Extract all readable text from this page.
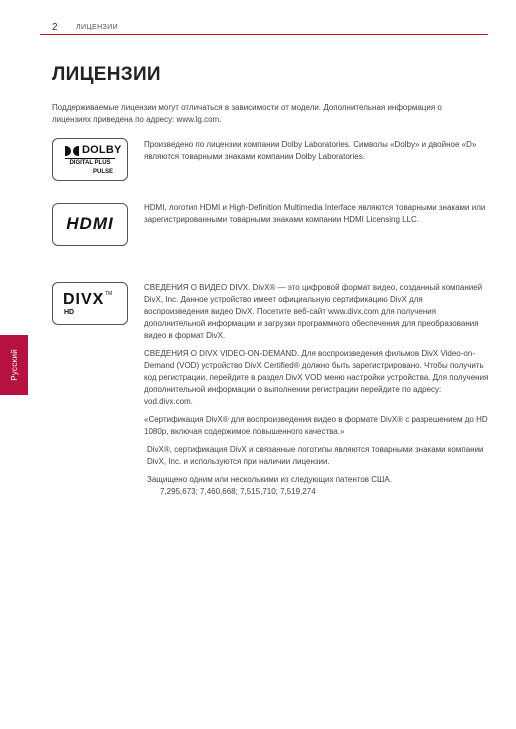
2	ЛИЦЕНЗИИ
ЛИЦЕНЗИИ
Поддерживаемые лицензии могут отличаться в зависимости от модели. Дополнительная информация о лицензиях приведена по адресу: www.lg.com.
Русский
DOLBY
DIGITAL PLUS
PULSE
Произведено по лицензии компании Dolby Laboratories. Символы «Dolby» и двойное «D» являются товарными знаками компании Dolby Laboratories.
HDMI
HDMI, логотип HDMI и High-Definition Multimedia Interface являются товарными знаками или зарегистрированными товарными знаками компании HDMI Licensing LLC.
DIVX TM
HD

СВЕДЕНИЯ О ВИДЕО DIVX. DivX® — это цифровой формат видео, созданный компанией DivX, Inc. Данное устройство имеет официальную сертификацию DivX для воспроизведения видео DivX. Посетите веб-сайт www.divx.com для получения дополнительной информации и загрузки программного обеспечения для преобразования видео в формат DivX.

СВЕДЕНИЯ О DIVX VIDEO-ON-DEMAND. Для воспроизведения фильмов DivX Video-on-Demand (VOD) устройство DivX Certified® должно быть зарегистрировано. Чтобы получить код регистрации, перейдите в раздел DivX VOD меню настройки устройства. Для получения дополнительной информации о выполнении регистрации перейдите по адресу: vod.divx.com.

«Сертификация DivX® для воспроизведения видео в формате DivX® с разрешением до HD 1080p, включая содержимое повышенного качества.»

DivX®, сертификация DivX и связанные логотипы являются товарными знаками компании DivX, Inc. и используются при наличии лицензии.

Защищено одним или несколькими из следующих патентов США.
7,295,673; 7,460,668; 7,515,710; 7,519,274
